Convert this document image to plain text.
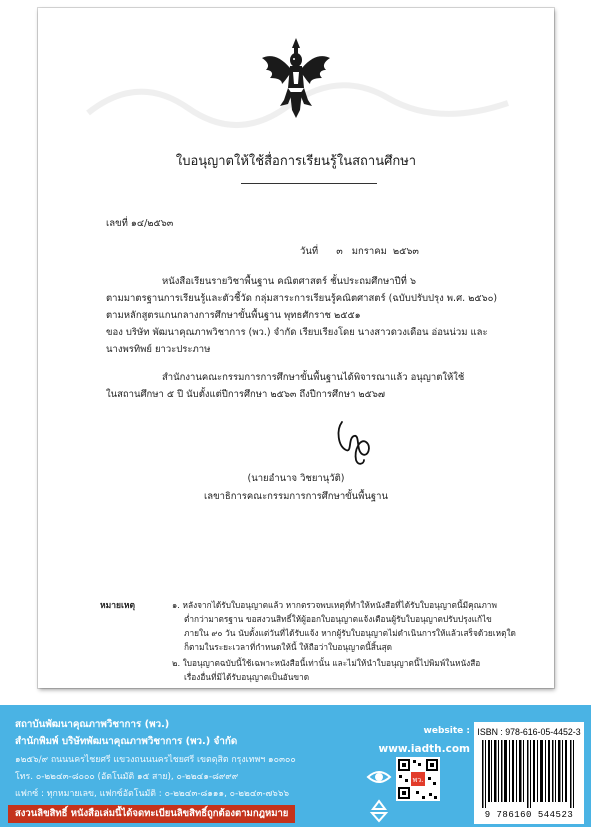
ใบอนุญาตให้ใช้สื่อการเรียนรู้ในสถานศึกษา
เลขที่ ๑๔/๒๕๖๓
วันที่      ๓   มกราคม  ๒๕๖๓
หนังสือเรียนรายวิชาพื้นฐาน คณิตศาสตร์ ชั้นประถมศึกษาปีที่ ๖
ตามมาตรฐานการเรียนรู้และตัวชี้วัด กลุ่มสาระการเรียนรู้คณิตศาสตร์ (ฉบับปรับปรุง พ.ศ. ๒๕๖๐)
ตามหลักสูตรแกนกลางการศึกษาขั้นพื้นฐาน พุทธศักราช ๒๕๕๑
ของ บริษัท พัฒนาคุณภาพวิชาการ (พว.) จำกัด เรียบเรียงโดย นางสาวดวงเดือน อ่อนน่วม และ
นางพรทิพย์ ยาวะประภาษ
สำนักงานคณะกรรมการการศึกษาขั้นพื้นฐานได้พิจารณาแล้ว อนุญาตให้ใช้
ในสถานศึกษา ๕ ปี นับตั้งแต่ปีการศึกษา ๒๕๖๓ ถึงปีการศึกษา ๒๕๖๗
(นายอำนาจ วิชยานุวัติ)
เลขาธิการคณะกรรมการการศึกษาขั้นพื้นฐาน
หมายเหตุ	๑. หลังจากได้รับใบอนุญาตแล้ว หากตรวจพบเหตุที่ทำให้หนังสือที่ได้รับใบอนุญาตนี้มีคุณภาพ
ต่ำกว่ามาตรฐาน ขอสงวนสิทธิ์ให้ผู้ออกใบอนุญาตแจ้งเตือนผู้รับใบอนุญาตปรับปรุงแก้ไข
ภายใน ๙๐ วัน นับตั้งแต่วันที่ได้รับแจ้ง หากผู้รับใบอนุญาตไม่ดำเนินการให้แล้วเสร็จด้วยเหตุใด
ก็ตามในระยะเวลาที่กำหนดให้นี้ ให้ถือว่าใบอนุญาตนี้สิ้นสุด
๒. ใบอนุญาตฉบับนี้ใช้เฉพาะหนังสือนี้เท่านั้น และไม่ให้นำใบอนุญาตนี้ไปพิมพ์ในหนังสือ
เรื่องอื่นที่มิได้รับอนุญาตเป็นอันขาด
สถาบันพัฒนาคุณภาพวิชาการ (พว.)
สำนักพิมพ์ บริษัทพัฒนาคุณภาพวิชาการ (พว.) จำกัด
๑๒๕๖/๙ ถนนนครไชยศรี แขวงถนนนครไชยศรี เขตดุสิต กรุงเทพฯ ๑๐๓๐๐
โทร. ๐-๒๒๔๓-๘๐๐๐ (อัตโนมัติ ๑๕ สาย), ๐-๒๒๔๑-๘๙๙๙
แฟกซ์ : ทุกหมายเลข, แฟกซ์อัตโนมัติ : ๐-๒๒๔๓-๘๑๑๑, ๐-๒๒๔๓-๗๖๖๖
สงวนลิขสิทธิ์ หนังสือเล่มนี้ได้จดทะเบียนลิขสิทธิ์ถูกต้องตามกฎหมาย
website :
www.iadth.com
พว.
ISBN : 978-616-05-4452-3
9 786160 544523
